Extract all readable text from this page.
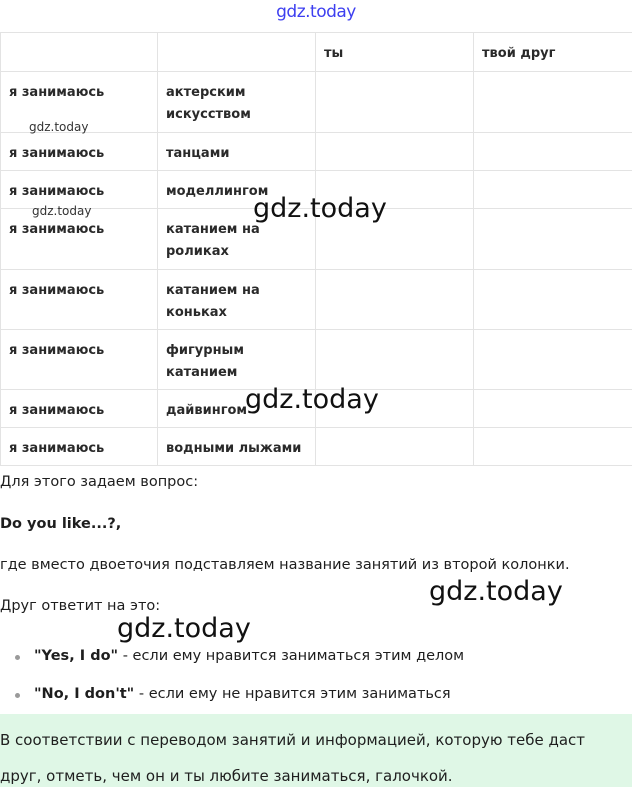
gdz.today
		ты	твой друг
я занимаюсь	актерским искусством		
я занимаюсь	танцами		
я занимаюсь	моделлингом		
я занимаюсь	катанием на роликах		
я занимаюсь	катанием на коньках		
я занимаюсь	фигурным катанием		
я занимаюсь	дайвингом		
я занимаюсь	водными лыжами		
Для этого задаем вопрос:
Do you like...?,
где вместо двоеточия подставляем название занятий из второй колонки.
Друг ответит на это:
"Yes, I do" - если ему нравится заниматься этим делом
"No, I don't" - если ему не нравится этим заниматься
В соответствии с переводом занятий и информацией, которую тебе даст друг, отметь, чем он и ты любите заниматься, галочкой.
gdz.today
gdz.today	gdz.today
gdz.today
gdz.today
gdz.today
